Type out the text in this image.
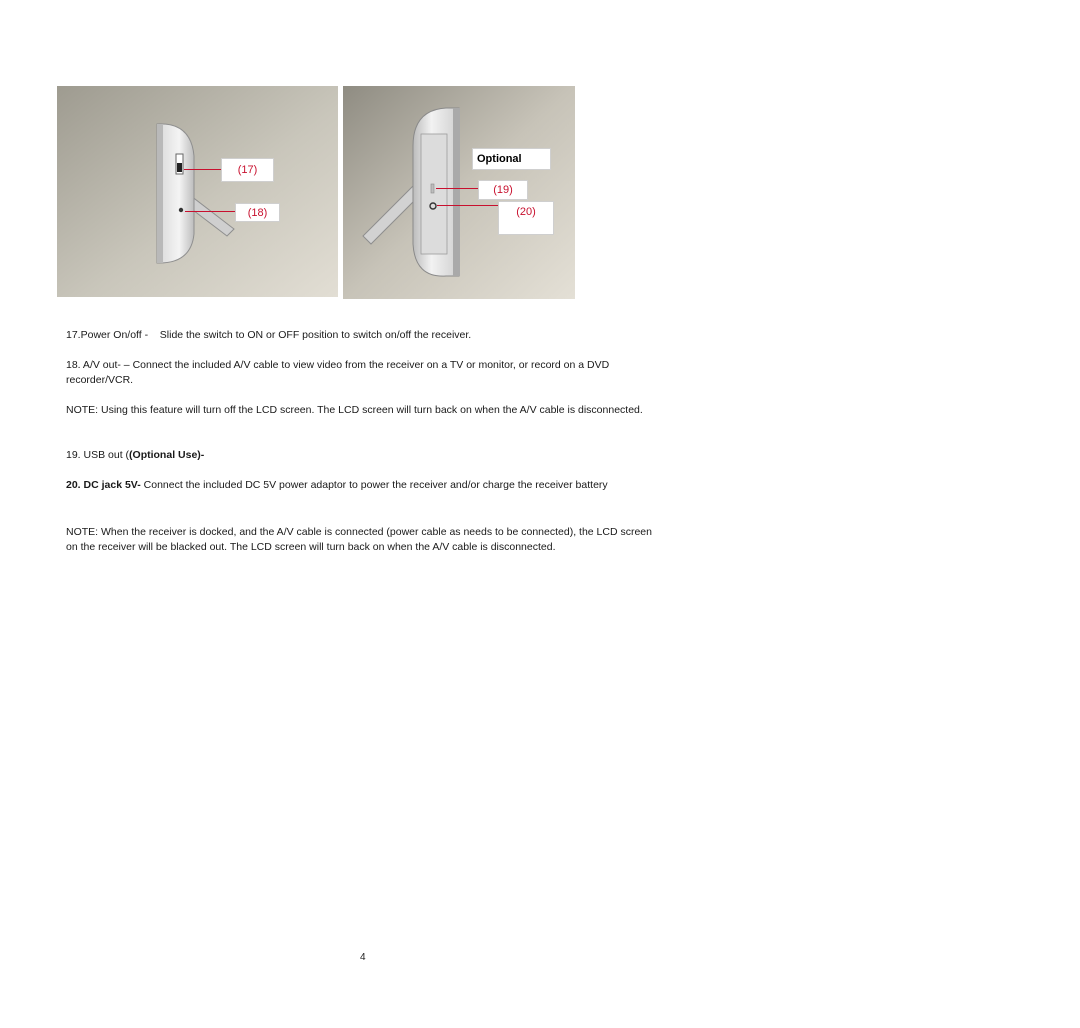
(17)
(18)
Optional
(19)
(20)

17.Power On/off - Slide the switch to ON or OFF position to switch on/off the receiver.

18. A/V out- – Connect the included A/V cable to view video from the receiver on a TV or monitor, or record on a DVD recorder/VCR.

NOTE: Using this feature will turn off the LCD screen. The LCD screen will turn back on when the A/V cable is disconnected.

19. USB out ((Optional Use)-

20. DC jack 5V- Connect the included DC 5V power adaptor to power the receiver and/or charge the receiver battery

NOTE: When the receiver is docked, and the A/V cable is connected (power cable as needs to be connected), the LCD screen on the receiver will be blacked out. The LCD screen will turn back on when the A/V cable is disconnected.

4
